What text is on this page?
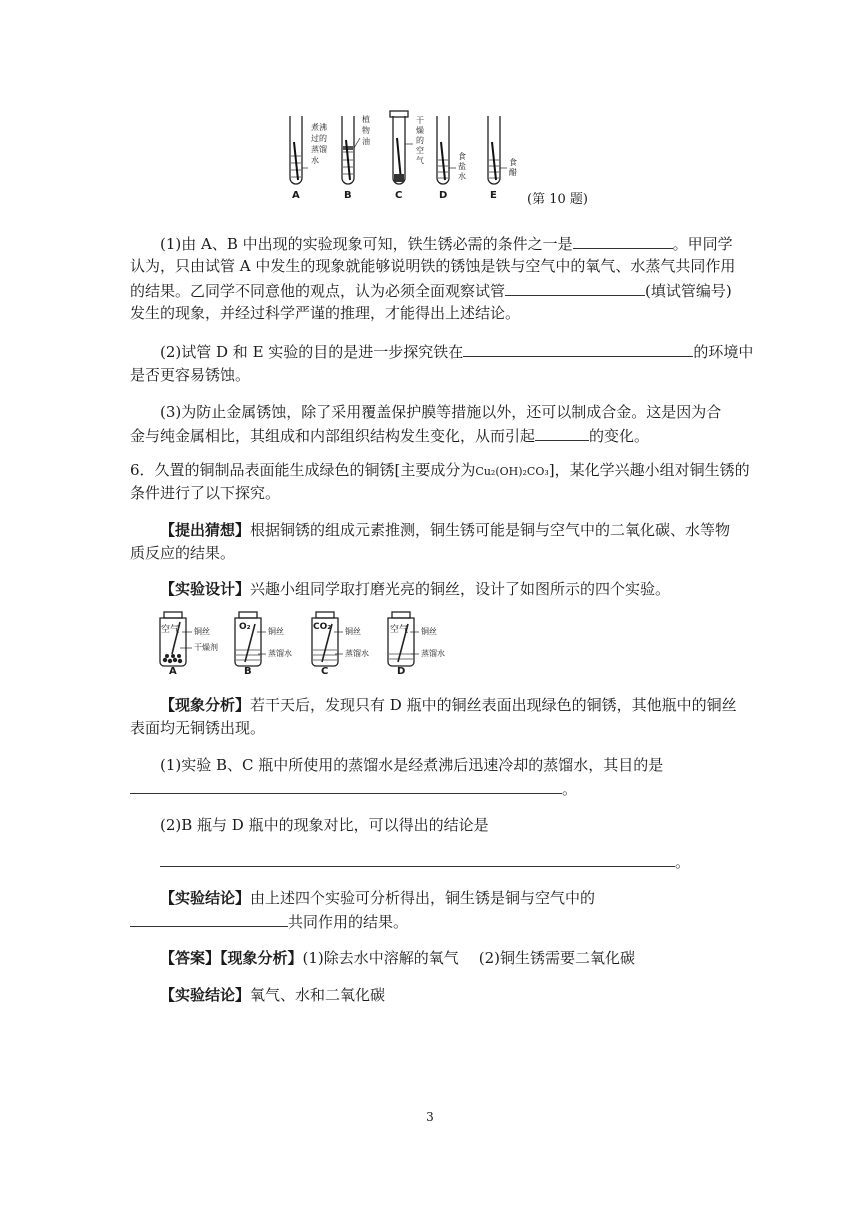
煮沸
过的
蒸馏
水
植
物
油
干
燥
的
空
气	食
盐
水
食
醋
A	B	C	D	E (第 10 题)
(1)由 A、B 中出现的实验现象可知，铁生锈必需的条件之一是	。甲同学
认为，只由试管 A 中发生的现象就能够说明铁的锈蚀是铁与空气中的氧气、水蒸气共同作用
的结果。乙同学不同意他的观点，认为必须全面观察试管	(填试管编号)
发生的现象，并经过科学严谨的推理，才能得出上述结论。
(2)试管 D 和 E 实验的目的是进一步探究铁在	的环境中
是否更容易锈蚀。
(3)为防止金属锈蚀，除了采用覆盖保护膜等措施以外，还可以制成合金。这是因为合
金与纯金属相比，其组成和内部组织结构发生变化，从而引起	的变化。
6．久置的铜制品表面能生成绿色的铜锈[主要成分为Cu₂(OH)₂CO₃]，某化学兴趣小组对铜生锈的
条件进行了以下探究。
【提出猜想】根据铜锈的组成元素推测，铜生锈可能是铜与空气中的二氧化碳、水等物
质反应的结果。
【实验设计】兴趣小组同学取打磨光亮的铜丝，设计了如图所示的四个实验。
空气	O₂	CO₂	空气
铜丝
干燥剂
铜丝
蒸馏水
铜丝
蒸馏水
铜丝
蒸馏水
A	B	C	D
【现象分析】若干天后，发现只有 D 瓶中的铜丝表面出现绿色的铜锈，其他瓶中的铜丝
表面均无铜锈出现。
(1)实验 B、C 瓶中所使用的蒸馏水是经煮沸后迅速冷却的蒸馏水，其目的是
。
(2)B 瓶与 D 瓶中的现象对比，可以得出的结论是
。
【实验结论】由上述四个实验可分析得出，铜生锈是铜与空气中的
共同作用的结果。
【答案】【现象分析】(1)除去水中溶解的氧气 (2)铜生锈需要二氧化碳
【实验结论】氧气、水和二氧化碳
3
